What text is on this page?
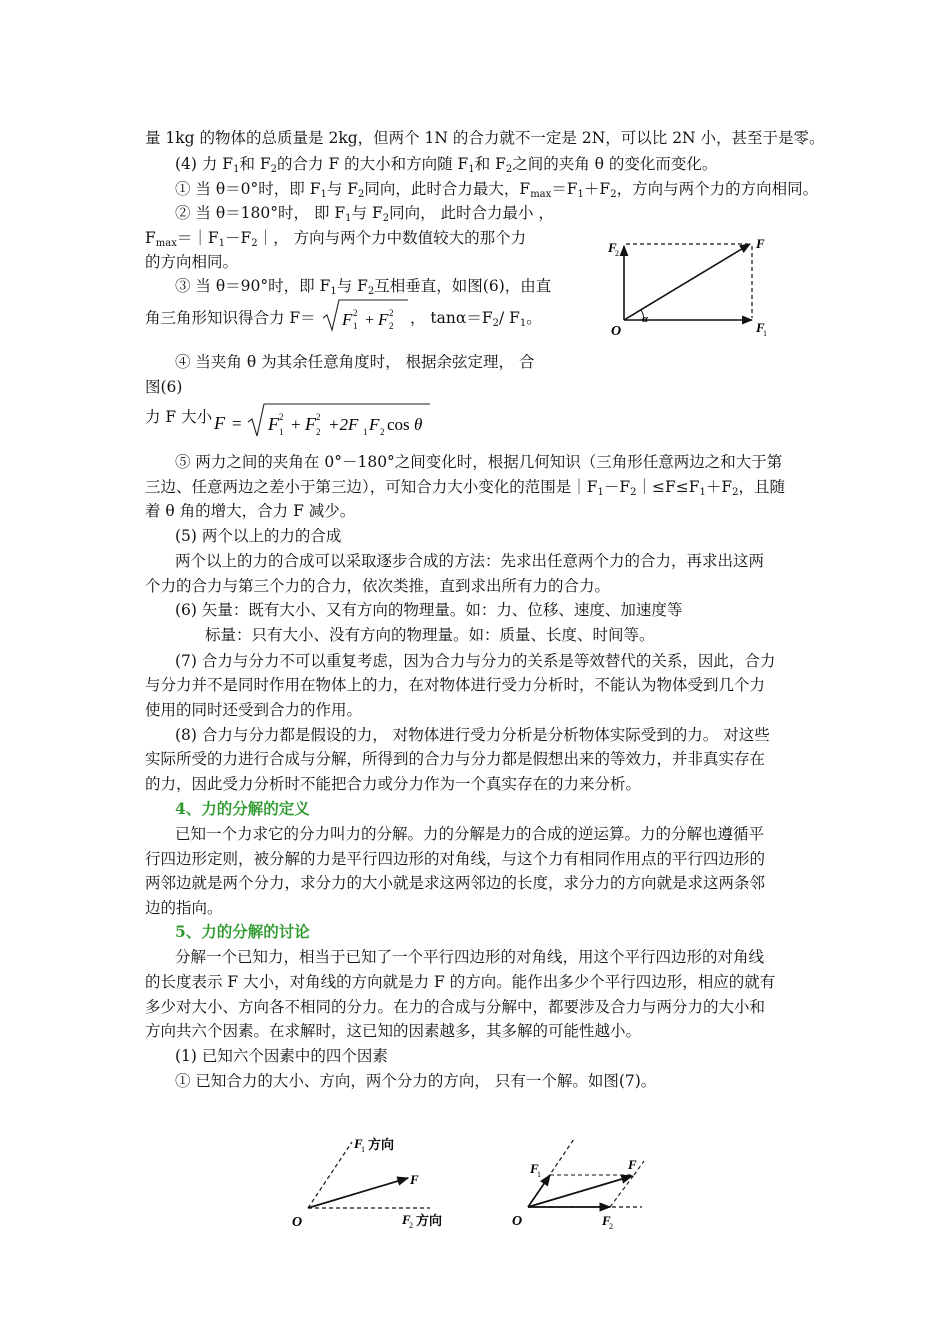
量 1kg 的物体的总质量是 2kg，但两个 1N 的合力就不一定是 2N，可以比 2N 小，甚至于是零。
(4) 力 $F_1$和 $F_2$的合力 F 的大小和方向随 $F_1$和 $F_2$之间的夹角 θ 的变化而变化。
① 当 θ＝0°时，即 $F_1$与 $F_2$同向，此时合力最大，$F_{max}=F_1+F_2$，方向与两个力的方向相同。
② 当 θ＝180°时， 即 $F_1$与 $F_2$同向， 此时合力最小 ，
$F_{max}=|F_1-F_2|$， 方向与两个力中数值较大的那个力
的方向相同。
③ 当 θ＝90°时，即 $F_1$与 $F_2$互相垂直，如图(6)，由直
角三角形知识得合力 F＝ F 1
2 + F 2
2 ， $\tan\alpha=F_2/$ $F_1$。
④ 当夹角 θ 为其余任意角度时， 根据余弦定理， 合
图(6)
力 F 大小 F = F 1
2 + F 2
2 +2F 1 F 2 cos θ
F
2
F
O
α
F
1
⑤ 两力之间的夹角在 0°－180°之间变化时，根据几何知识（三角形任意两边之和大于第
三边、任意两边之差小于第三边），可知合力大小变化的范围是$|F_1-F_2|\le F\le F_1+F_2$，且随
着 θ 角的增大，合力 F 减少。
(5) 两个以上的力的合成
两个以上的力的合成可以采取逐步合成的方法：先求出任意两个力的合力，再求出这两
个力的合力与第三个力的合力，依次类推，直到求出所有力的合力。
(6) 矢量：既有大小、又有方向的物理量。如：力、位移、速度、加速度等
标量：只有大小、没有方向的物理量。如：质量、长度、时间等。
(7) 合力与分力不可以重复考虑，因为合力与分力的关系是等效替代的关系，因此，合力
与分力并不是同时作用在物体上的力，在对物体进行受力分析时，不能认为物体受到几个力
使用的同时还受到合力的作用。
(8) 合力与分力都是假设的力， 对物体进行受力分析是分析物体实际受到的力。 对这些
实际所受的力进行合成与分解，所得到的合力与分力都是假想出来的等效力，并非真实存在
的力，因此受力分析时不能把合力或分力作为一个真实存在的力来分析。
4、力的分解的定义
已知一个力求它的分力叫力的分解。力的分解是力的合成的逆运算。力的分解也遵循平
行四边形定则，被分解的力是平行四边形的对角线，与这个力有相同作用点的平行四边形的
两邻边就是两个分力，求分力的大小就是求这两邻边的长度，求分力的方向就是求这两条邻
边的指向。
5、力的分解的讨论
分解一个已知力，相当于已知了一个平行四边形的对角线，用这个平行四边形的对角线
的长度表示 F 大小，对角线的方向就是力 F 的方向。能作出多少个平行四边形，相应的就有
多少对大小、方向各不相同的分力。在力的合成与分解中，都要涉及合力与两分力的大小和
方向共六个因素。在求解时，这已知的因素越多，其多解的可能性越小。
(1) 已知六个因素中的四个因素
① 已知合力的大小、方向，两个分力的方向， 只有一个解。如图(7)。
F
1 方向
F
O	F
2 方向
F
1
F
O	F
2
